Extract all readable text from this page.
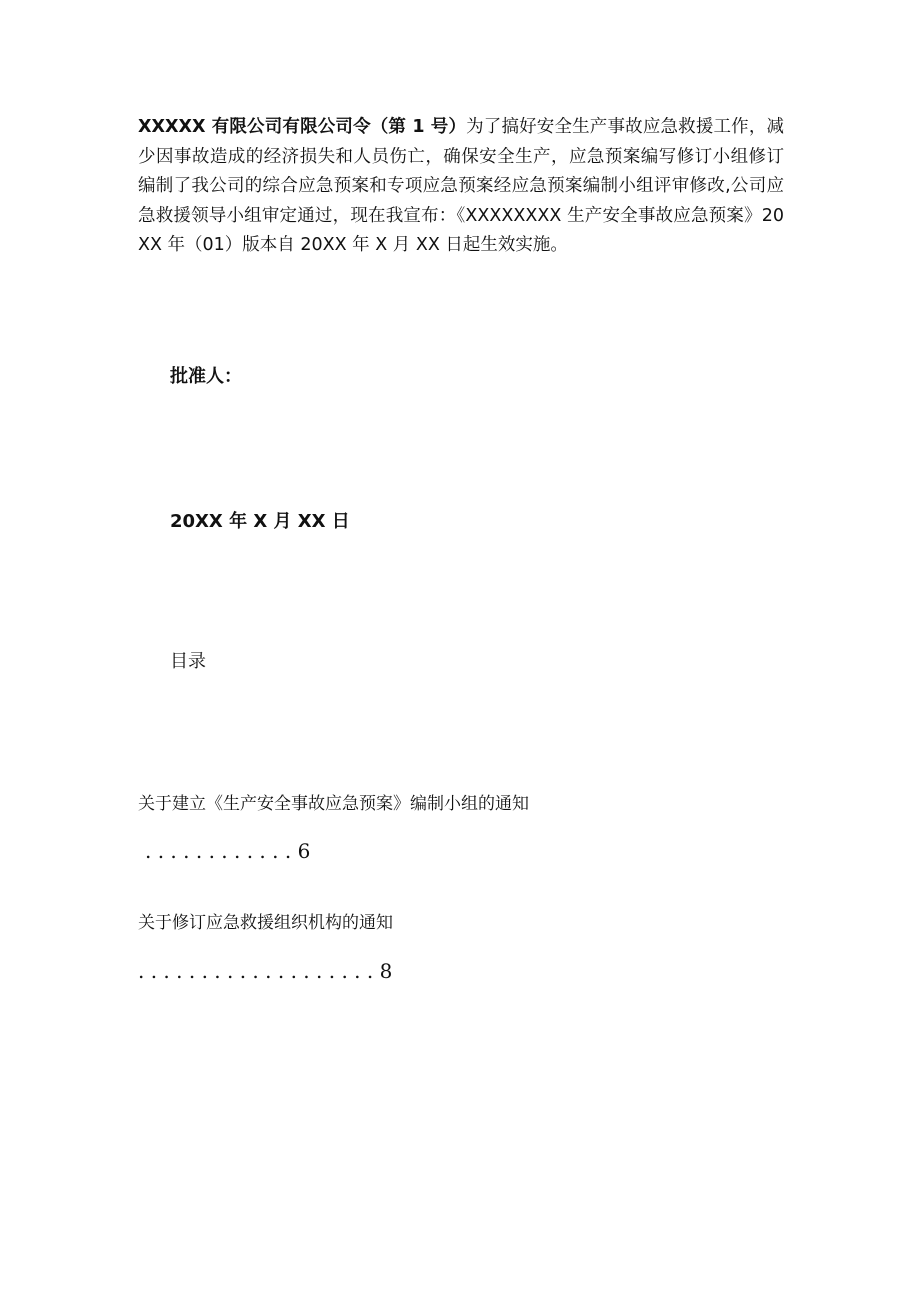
XXXXX 有限公司有限公司令（第 1 号）为了搞好安全生产事故应急救援工作，减少因事故造成的经济损失和人员伤亡，确保安全生产，应急预案编写修订小组修订编制了我公司的综合应急预案和专项应急预案经应急预案编制小组评审修改,公司应急救援领导小组审定通过，现在我宣布：《XXXXXXXX 生产安全事故应急预案》20XX 年（01）版本自 20XX 年 X 月 XX 日起生效实施。

批准人：
20XX 年 X 月 XX 日
目录
关于建立《生产安全事故应急预案》编制小组的通知
. . . . . . . . . . . . 6
关于修订应急救援组织机构的通知
. . . . . . . . . . . . . . . . . . . 8
